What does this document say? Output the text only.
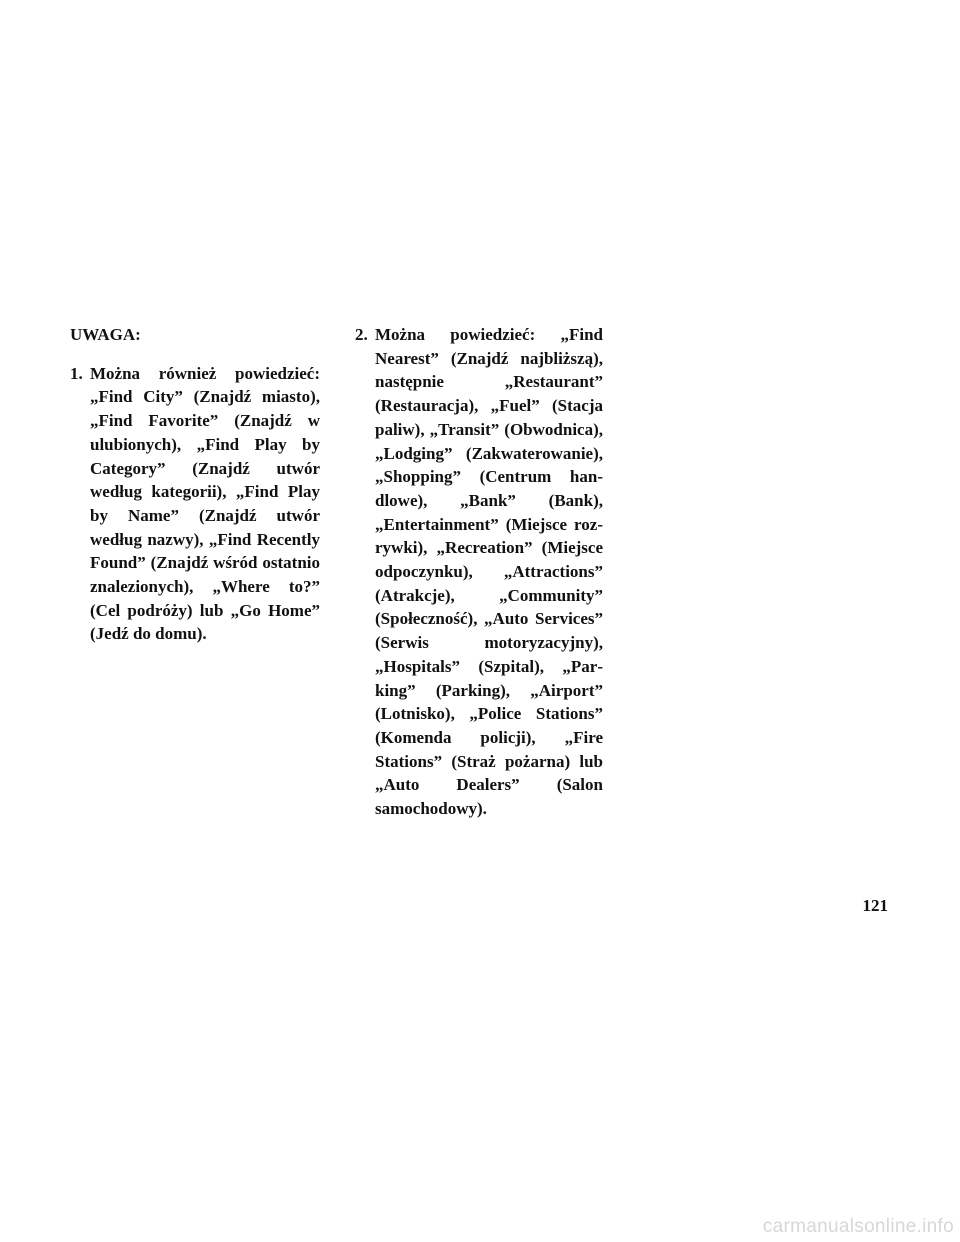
UWAGA:

1. Można również powiedzieć: „Find City” (Znajdź miasto), „Find Favorite” (Znajdź w ulubionych), „Find Play by Category” (Znajdź utwór według kategorii), „Find Play by Name” (Znajdź utwór według nazwy), „Find Recently Found” (Znajdź wśród ostatnio znalezionych), „Where to?” (Cel podróży) lub „Go Home” (Jedź do domu).
2. Można powiedzieć: „Find Nearest” (Znajdź najbliższą), następnie „Restaurant” (Restauracja), „Fuel” (Stacja paliw), „Transit” (Obwodnica), „Lodging” (Zakwaterowanie), „Shopping” (Centrum handlowe), „Bank” (Bank), „Entertainment” (Miejsce rozrywki), „Recreation” (Miejsce odpoczynku), „Attractions” (Atrakcje), „Community” (Społeczność), „Auto Services” (Serwis motoryzacyjny), „Hospitals” (Szpital), „Parking” (Parking), „Airport” (Lotnisko), „Police Stations” (Komenda policji), „Fire Stations” (Straż pożarna) lub „Auto Dealers” (Salon samochodowy).
121
carmanualsonline.info
